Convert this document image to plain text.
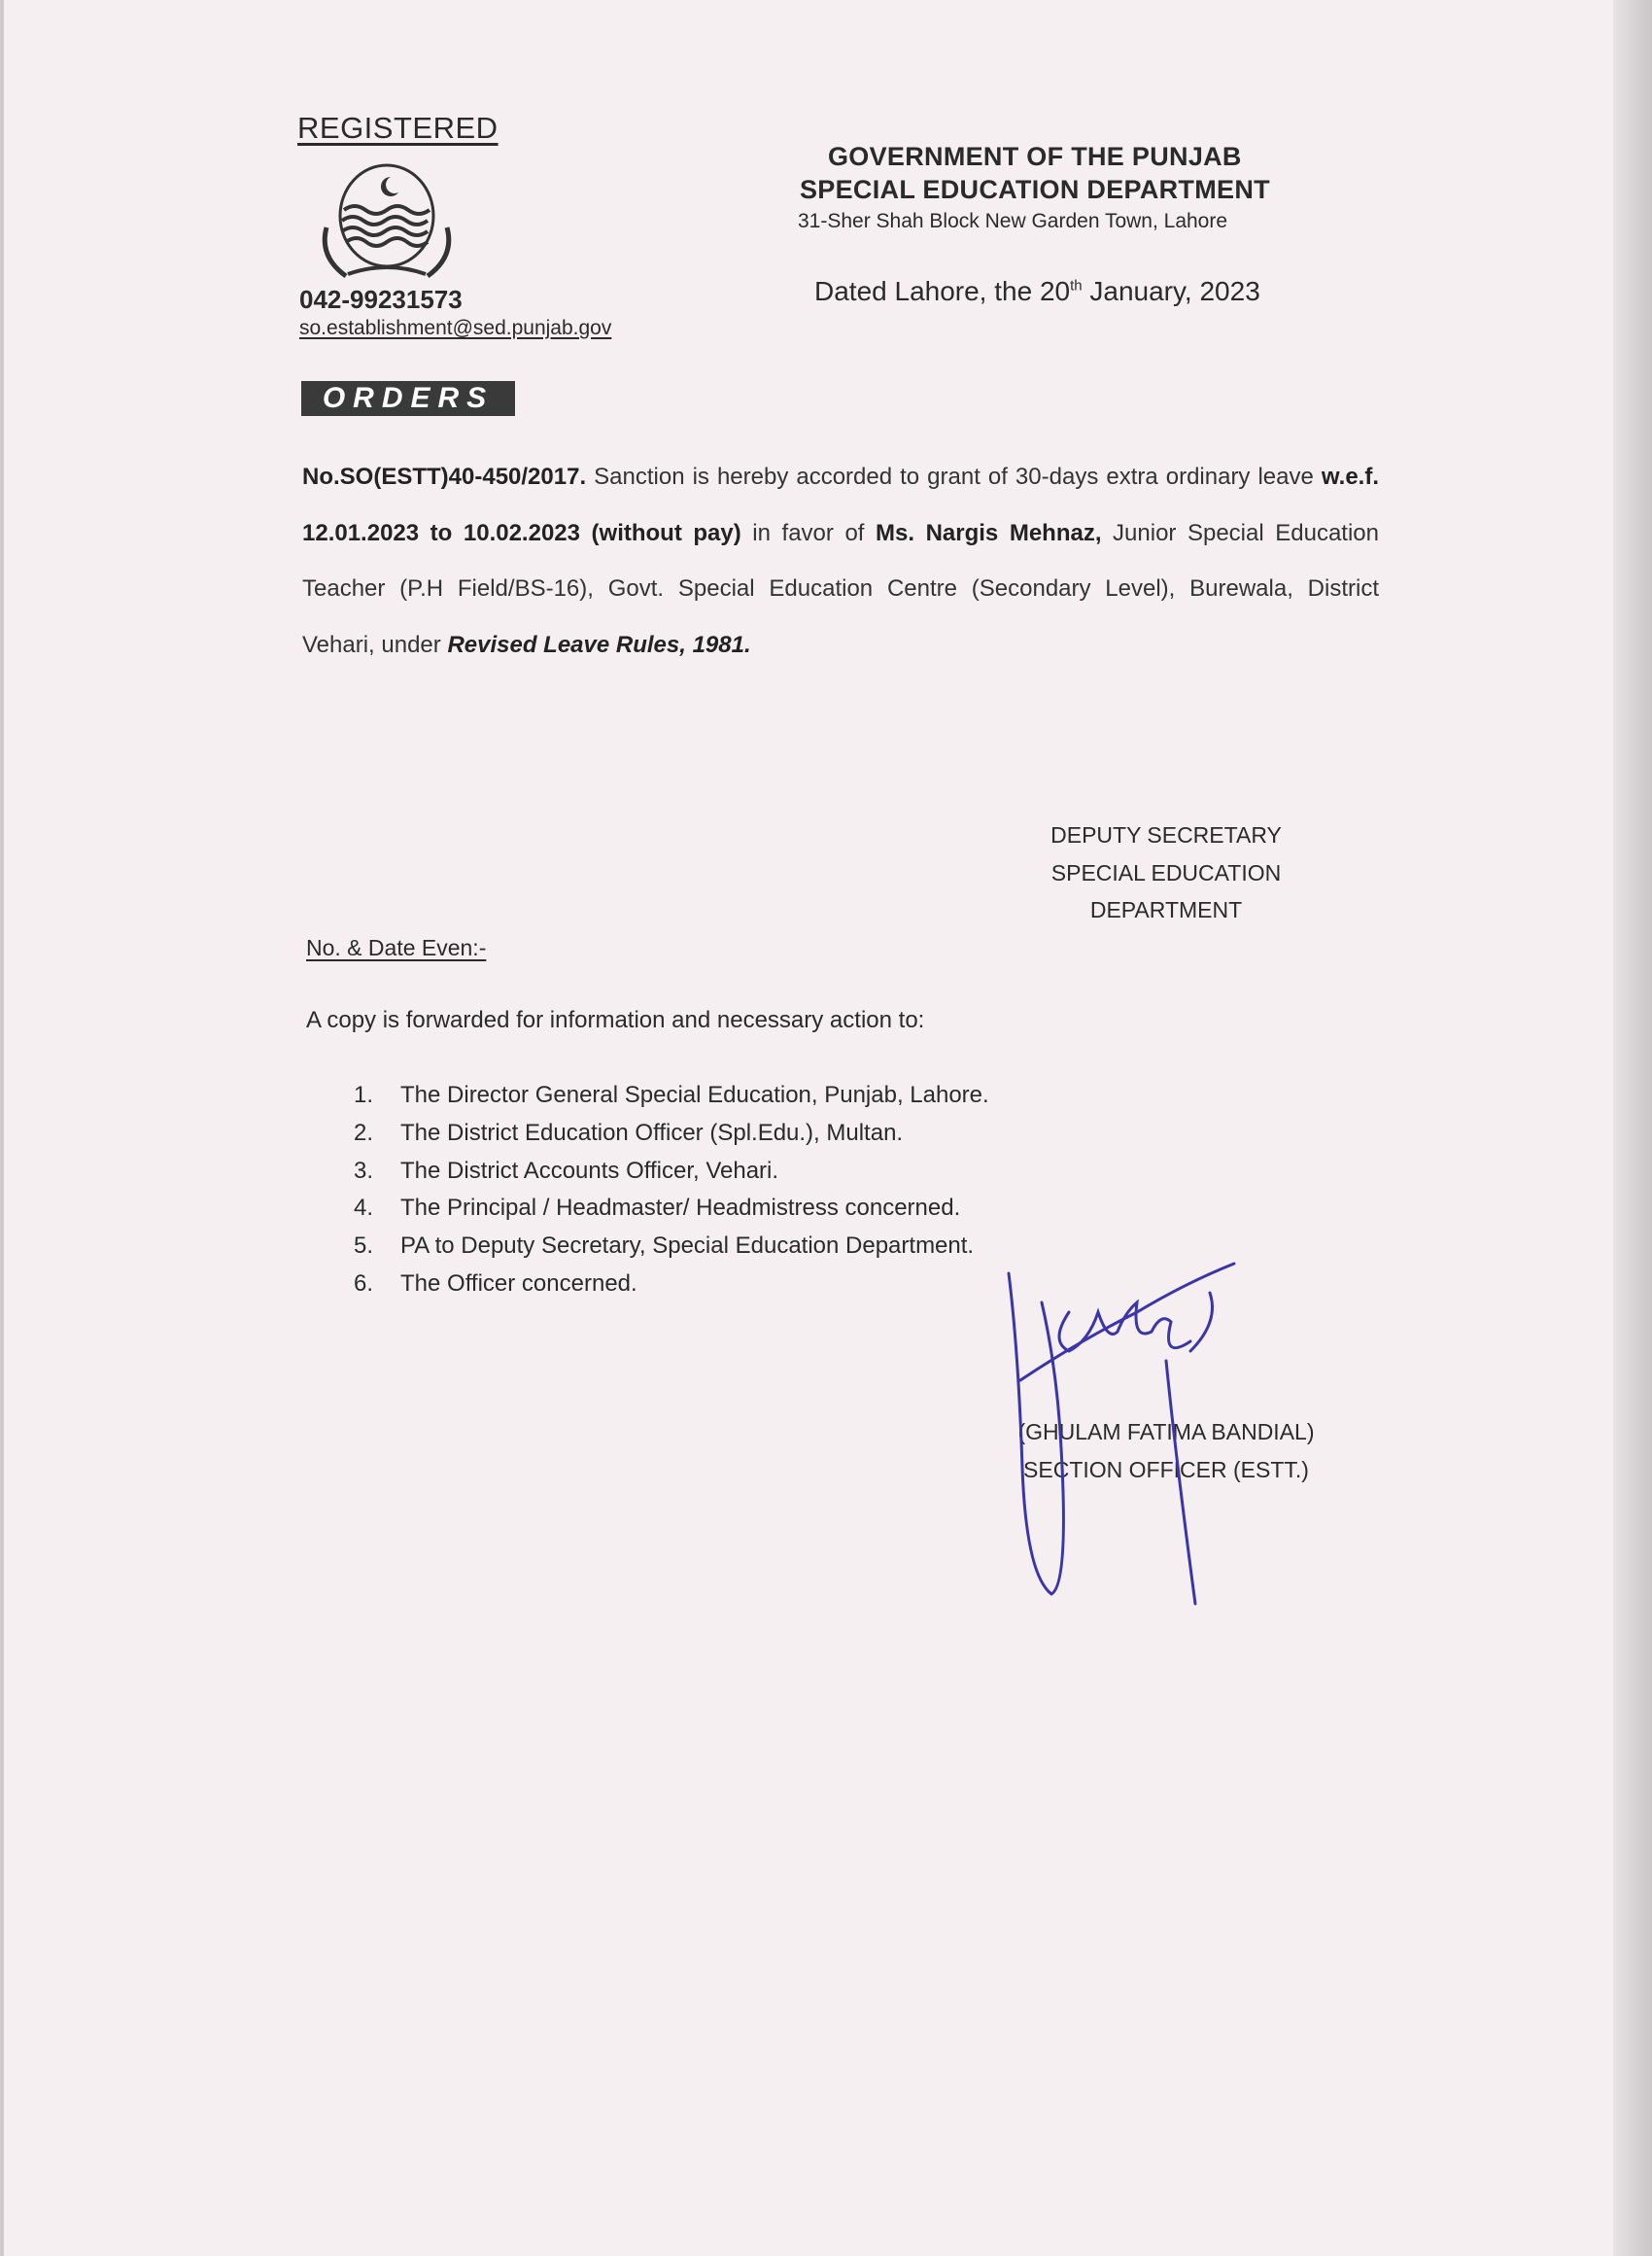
REGISTERED
042-99231573
so.establishment@sed.punjab.gov
GOVERNMENT OF THE PUNJAB
SPECIAL EDUCATION DEPARTMENT
31-Sher Shah Block New Garden Town, Lahore
Dated Lahore, the 20th January, 2023
ORDERS
No.SO(ESTT)40-450/2017. Sanction is hereby accorded to grant of 30-days extra ordinary leave w.e.f. 12.01.2023 to 10.02.2023 (without pay) in favor of Ms. Nargis Mehnaz, Junior Special Education Teacher (P.H Field/BS-16), Govt. Special Education Centre (Secondary Level), Burewala, District Vehari, under Revised Leave Rules, 1981.
DEPUTY SECRETARY
SPECIAL EDUCATION
DEPARTMENT
No. & Date Even:-
A copy is forwarded for information and necessary action to:
1.	The Director General Special Education, Punjab, Lahore.
2.	The District Education Officer (Spl.Edu.), Multan.
3.	The District Accounts Officer, Vehari.
4.	The Principal / Headmaster/ Headmistress concerned.
5.	PA to Deputy Secretary, Special Education Department.
6.	The Officer concerned.
(GHULAM FATIMA BANDIAL)
SECTION OFFICER (ESTT.)
